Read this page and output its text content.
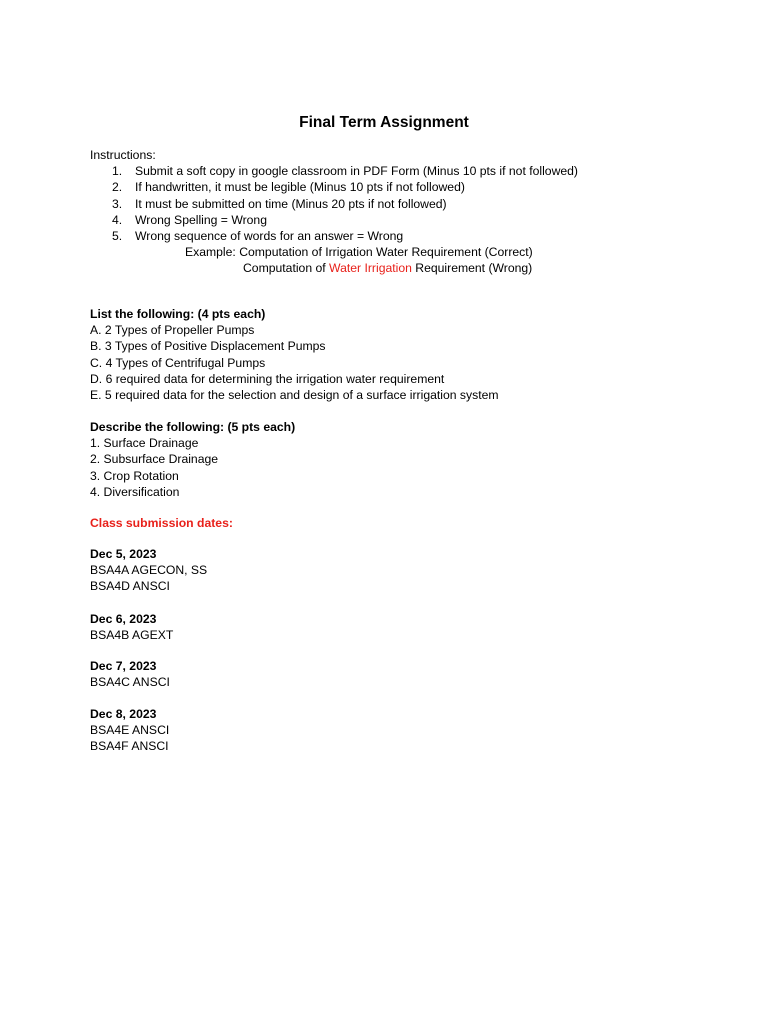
Final Term Assignment
Instructions:
1. Submit a soft copy in google classroom in PDF Form (Minus 10 pts if not followed)
2. If handwritten, it must be legible (Minus 10 pts if not followed)
3. It must be submitted on time (Minus 20 pts if not followed)
4. Wrong Spelling = Wrong
5. Wrong sequence of words for an answer = Wrong
Example: Computation of Irrigation Water Requirement (Correct)
Computation of Water Irrigation Requirement (Wrong)
List the following: (4 pts each)
A. 2 Types of Propeller Pumps
B. 3 Types of Positive Displacement Pumps
C. 4 Types of Centrifugal Pumps
D. 6 required data for determining the irrigation water requirement
E. 5 required data for the selection and design of a surface irrigation system
Describe the following: (5 pts each)
1. Surface Drainage
2. Subsurface Drainage
3. Crop Rotation
4. Diversification
Class submission dates:
Dec 5, 2023
BSA4A AGECON, SS
BSA4D ANSCI
Dec 6, 2023
BSA4B AGEXT
Dec 7, 2023
BSA4C ANSCI
Dec 8, 2023
BSA4E ANSCI
BSA4F ANSCI
